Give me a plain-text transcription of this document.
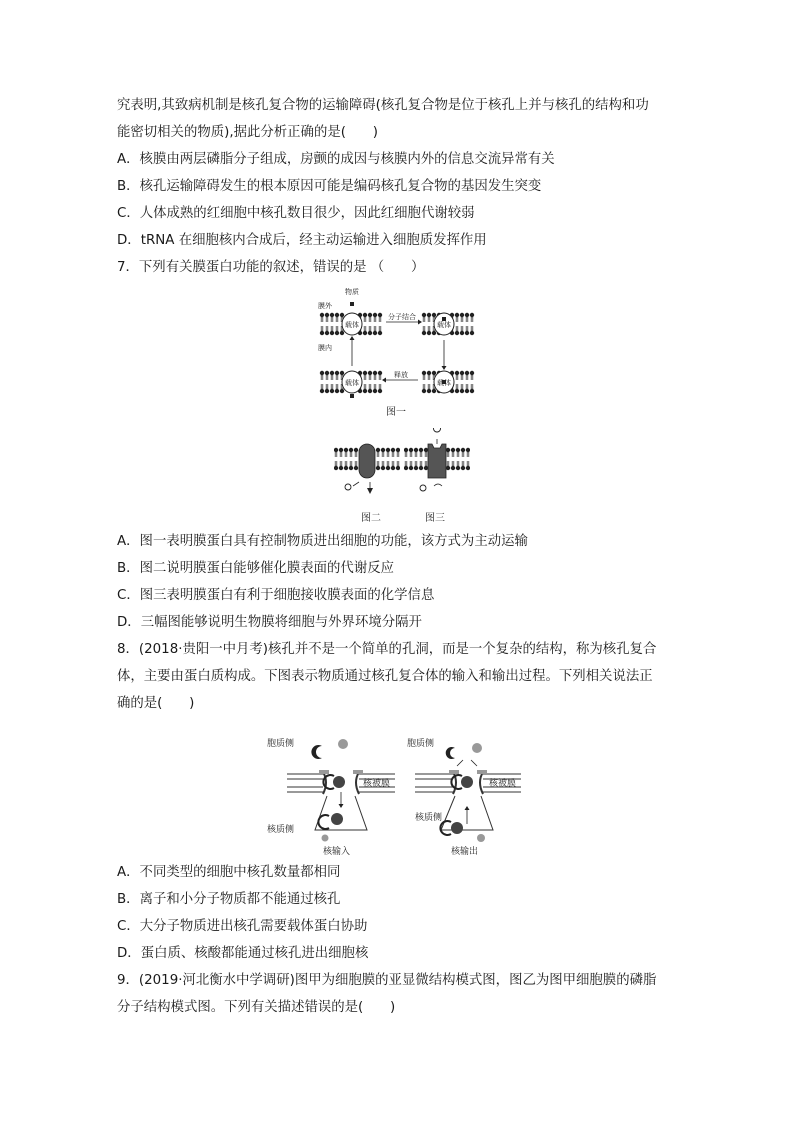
究表明,其致病机制是核孔复合物的运输障碍(核孔复合物是位于核孔上并与核孔的结构和功
能密切相关的物质),据此分析正确的是(　　)
A．核膜由两层磷脂分子组成，房颤的成因与核膜内外的信息交流异常有关
B．核孔运输障碍发生的根本原因可能是编码核孔复合物的基因发生突变
C．人体成熟的红细胞中核孔数目很少，因此红细胞代谢较弱
D．tRNA 在细胞核内合成后，经主动运输进入细胞质发挥作用
7．下列有关膜蛋白功能的叙述，错误的是 （　　）
物质
膜外
膜内
载体	载体
载体	载体
分子结合
释放
图一
图二	图三
A．图一表明膜蛋白具有控制物质进出细胞的功能，该方式为主动运输
B．图二说明膜蛋白能够催化膜表面的代谢反应
C．图三表明膜蛋白有利于细胞接收膜表面的化学信息
D．三幅图能够说明生物膜将细胞与外界环境分隔开
8．(2018·贵阳一中月考)核孔并不是一个简单的孔洞，而是一个复杂的结构，称为核孔复合
体，主要由蛋白质构成。下图表示物质通过核孔复合体的输入和输出过程。下列相关说法正
确的是(　　)
胞质侧
核被膜
核质侧
核输入
胞质侧
核被膜
核质侧
核输出
A．不同类型的细胞中核孔数量都相同
B．离子和小分子物质都不能通过核孔
C．大分子物质进出核孔需要载体蛋白协助
D．蛋白质、核酸都能通过核孔进出细胞核
9．(2019·河北衡水中学调研)图甲为细胞膜的亚显微结构模式图，图乙为图甲细胞膜的磷脂
分子结构模式图。下列有关描述错误的是(　　)
